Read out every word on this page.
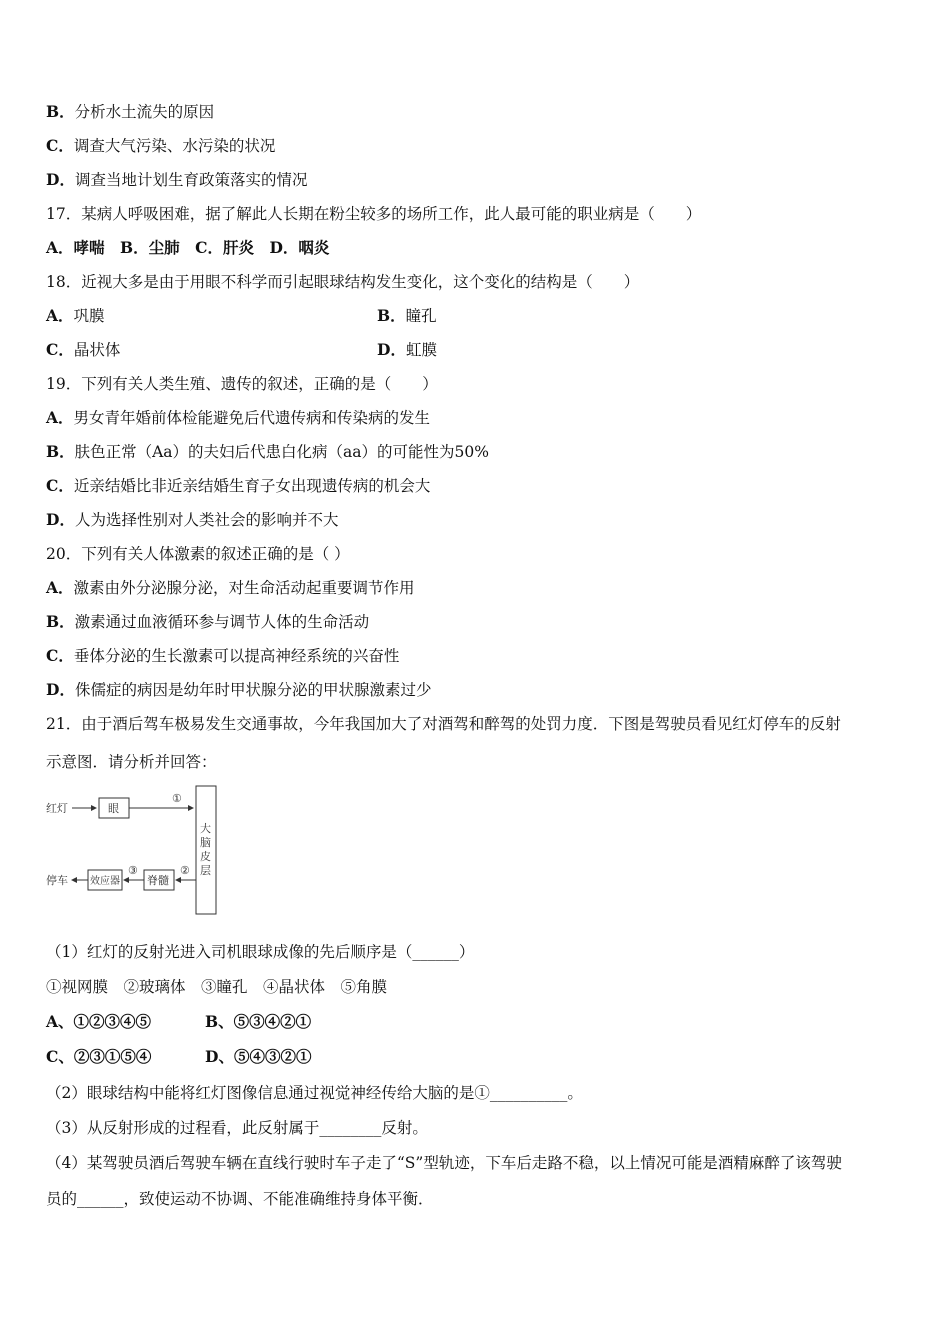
B．分析水土流失的原因
C．调查大气污染、水污染的状况
D．调查当地计划生育政策落实的情况
17．某病人呼吸困难，据了解此人长期在粉尘较多的场所工作，此人最可能的职业病是（　　）
A．哮喘　B．尘肺　C．肝炎　D．咽炎
18．近视大多是由于用眼不科学而引起眼球结构发生变化，这个变化的结构是（　　）
A．巩膜	B．瞳孔
C．晶状体	D．虹膜
19．下列有关人类生殖、遗传的叙述，正确的是（　　）
A．男女青年婚前体检能避免后代遗传病和传染病的发生
B．肤色正常（Aa）的夫妇后代患白化病（aa）的可能性为50%
C．近亲结婚比非近亲结婚生育子女出现遗传病的机会大
D．人为选择性别对人类社会的影响并不大
20．下列有关人体激素的叙述正确的是（ ）
A．激素由外分泌腺分泌，对生命活动起重要调节作用
B．激素通过血液循环参与调节人体的生命活动
C．垂体分泌的生长激素可以提高神经系统的兴奋性
D．侏儒症的病因是幼年时甲状腺分泌的甲状腺激素过少
21．由于酒后驾车极易发生交通事故，今年我国加大了对酒驾和醉驾的处罚力度．下图是驾驶员看见红灯停车的反射
示意图．请分析并回答：
红灯	眼
①
大
脑
皮
层
②
脊髓
③
效应器
停车
（1）红灯的反射光进入司机眼球成像的先后顺序是（______）
①视网膜　②玻璃体　③瞳孔　④晶状体　⑤角膜
A、①②③④⑤	B、⑤③④②①
C、②③①⑤④	D、⑤④③②①
（2）眼球结构中能将红灯图像信息通过视觉神经传给大脑的是①__________。
（3）从反射形成的过程看，此反射属于________反射。
（4）某驾驶员酒后驾驶车辆在直线行驶时车子走了“S”型轨迹，下车后走路不稳，以上情况可能是酒精麻醉了该驾驶
员的______，致使运动不协调、不能准确维持身体平衡．
